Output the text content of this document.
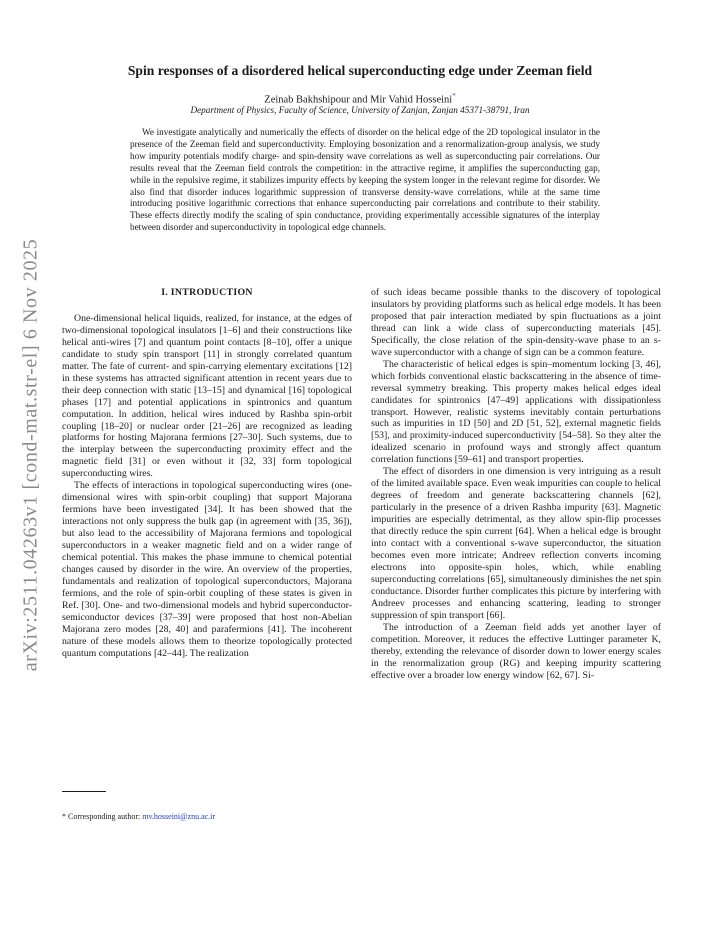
arXiv:2511.04263v1 [cond-mat.str-el] 6 Nov 2025
Spin responses of a disordered helical superconducting edge under Zeeman field
Zeinab Bakhshipour and Mir Vahid Hosseini*
Department of Physics, Faculty of Science, University of Zanjan, Zanjan 45371-38791, Iran
We investigate analytically and numerically the effects of disorder on the helical edge of the 2D topological insulator in the presence of the Zeeman field and superconductivity. Employing bosonization and a renormalization-group analysis, we study how impurity potentials modify charge- and spin-density wave correlations as well as superconducting pair correlations. Our results reveal that the Zeeman field controls the competition: in the attractive regime, it amplifies the superconducting gap, while in the repulsive regime, it stabilizes impurity effects by keeping the system longer in the relevant regime for disorder. We also find that disorder induces logarithmic suppression of transverse density-wave correlations, while at the same time introducing positive logarithmic corrections that enhance superconducting pair correlations and contribute to their stability. These effects directly modify the scaling of spin conductance, providing experimentally accessible signatures of the interplay between disorder and superconductivity in topological edge channels.
I. INTRODUCTION

One-dimensional helical liquids, realized, for instance, at the edges of two-dimensional topological insulators [1–6] and their constructions like helical anti-wires [7] and quantum point contacts [8–10], offer a unique candidate to study spin transport [11] in strongly correlated quantum matter. The fate of current- and spin-carrying elementary excitations [12] in these systems has attracted significant attention in recent years due to their deep connection with static [13–15] and dynamical [16] topological phases [17] and potential applications in spintronics and quantum computation. In addition, helical wires induced by Rashba spin-orbit coupling [18–20] or nuclear order [21–26] are recognized as leading platforms for hosting Majorana fermions [27–30]. Such systems, due to the interplay between the superconducting proximity effect and the magnetic field [31] or even without it [32, 33] form topological superconducting wires.

The effects of interactions in topological superconducting wires (one-dimensional wires with spin-orbit coupling) that support Majorana fermions have been investigated [34]. It has been showed that the interactions not only suppress the bulk gap (in agreement with [35, 36]), but also lead to the accessibility of Majorana fermions and topological superconductors in a weaker magnetic field and on a wider range of chemical potential. This makes the phase immune to chemical potential changes caused by disorder in the wire. An overview of the properties, fundamentals and realization of topological superconductors, Majorana fermions, and the role of spin-orbit coupling of these states is given in Ref. [30]. One- and two-dimensional models and hybrid superconductor-semiconductor devices [37–39] were proposed that host non-Abelian Majorana zero modes [28, 40] and parafermions [41]. The incoherent nature of these models allows them to theorize topologically protected quantum computations [42–44]. The realization

of such ideas became possible thanks to the discovery of topological insulators by providing platforms such as helical edge models. It has been proposed that pair interaction mediated by spin fluctuations as a joint thread can link a wide class of superconducting materials [45]. Specifically, the close relation of the spin-density-wave phase to an s-wave superconductor with a change of sign can be a common feature.

The characteristic of helical edges is spin–momentum locking [3, 46], which forbids conventional elastic backscattering in the absence of time-reversal symmetry breaking. This property makes helical edges ideal candidates for spintronics [47–49] applications with dissipationless transport. However, realistic systems inevitably contain perturbations such as impurities in 1D [50] and 2D [51, 52], external magnetic fields [53], and proximity-induced superconductivity [54–58]. So they alter the idealized scenario in profound ways and strongly affect quantum correlation functions [59–61] and transport properties.

The effect of disorders in one dimension is very intriguing as a result of the limited available space. Even weak impurities can couple to helical degrees of freedom and generate backscattering channels [62], particularly in the presence of a driven Rashba impurity [63]. Magnetic impurities are especially detrimental, as they allow spin-flip processes that directly reduce the spin current [64]. When a helical edge is brought into contact with a conventional s-wave superconductor, the situation becomes even more intricate; Andreev reflection converts incoming electrons into opposite-spin holes, which, while enabling superconducting correlations [65], simultaneously diminishes the net spin conductance. Disorder further complicates this picture by interfering with Andreev processes and enhancing scattering, leading to stronger suppression of spin transport [66].

The introduction of a Zeeman field adds yet another layer of competition. Moreover, it reduces the effective Luttinger parameter K, thereby, extending the relevance of disorder down to lower energy scales in the renormalization group (RG) and keeping impurity scattering effective over a broader low energy window [62, 67]. Si-

* Corresponding author: mv.hosseini@znu.ac.ir
